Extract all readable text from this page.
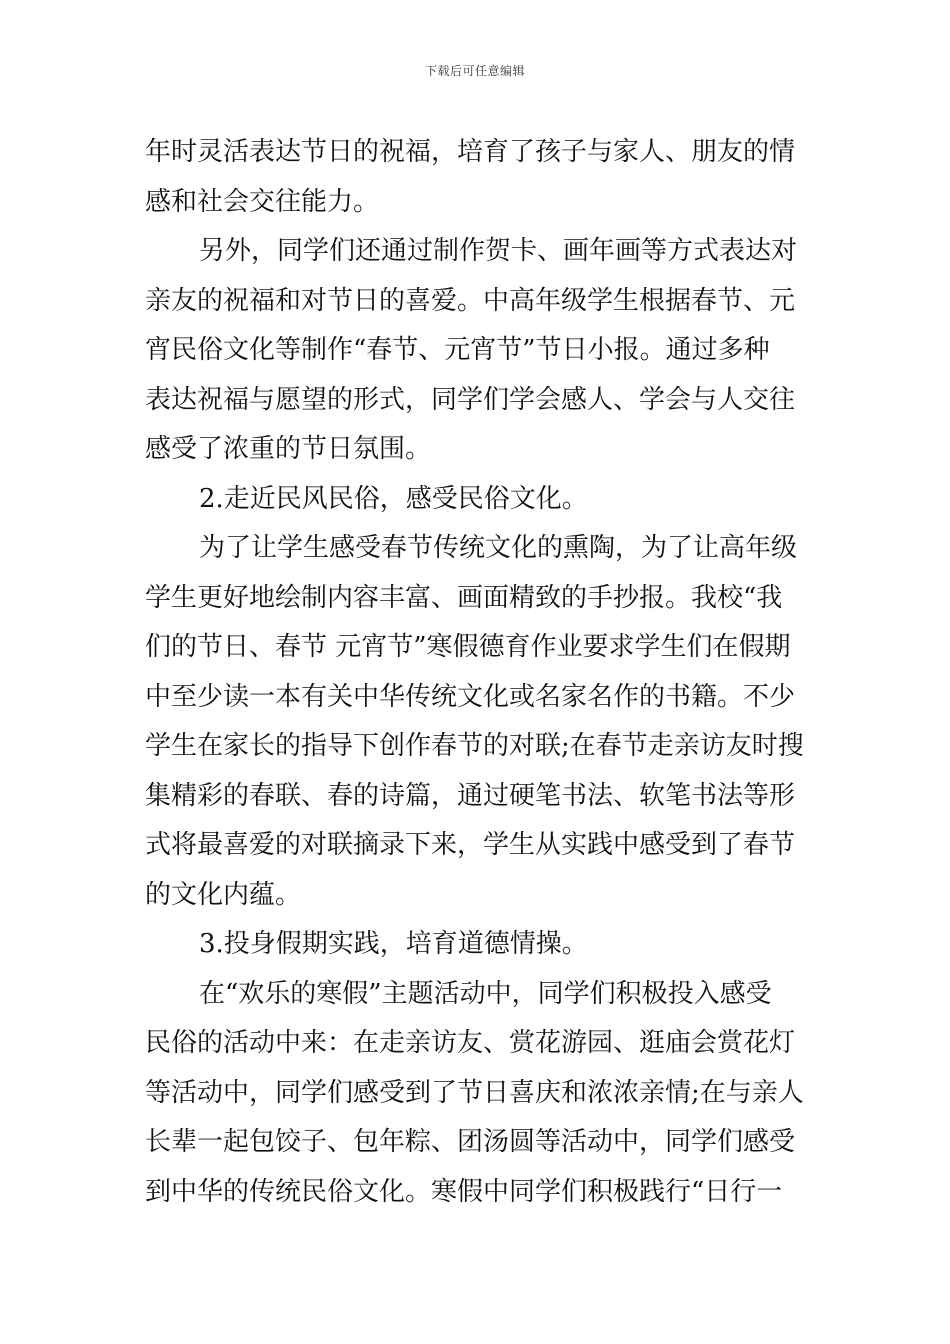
下载后可任意编辑
年时灵活表达节日的祝福，培育了孩子与家人、朋友的情
感和社会交往能力。
另外，同学们还通过制作贺卡、画年画等方式表达对
亲友的祝福和对节日的喜爱。中高年级学生根据春节、元
宵民俗文化等制作“春节、元宵节”节日小报。通过多种
表达祝福与愿望的形式，同学们学会感人、学会与人交往
感受了浓重的节日氛围。
2.走近民风民俗，感受民俗文化。
为了让学生感受春节传统文化的熏陶，为了让高年级
学生更好地绘制内容丰富、画面精致的手抄报。我校“我
们的节日、春节 元宵节”寒假德育作业要求学生们在假期
中至少读一本有关中华传统文化或名家名作的书籍。不少
学生在家长的指导下创作春节的对联;在春节走亲访友时搜
集精彩的春联、春的诗篇，通过硬笔书法、软笔书法等形
式将最喜爱的对联摘录下来，学生从实践中感受到了春节
的文化内蕴。
3.投身假期实践，培育道德情操。
在“欢乐的寒假”主题活动中，同学们积极投入感受
民俗的活动中来：在走亲访友、赏花游园、逛庙会赏花灯
等活动中，同学们感受到了节日喜庆和浓浓亲情;在与亲人
长辈一起包饺子、包年粽、团汤圆等活动中，同学们感受
到中华的传统民俗文化。寒假中同学们积极践行“日行一
